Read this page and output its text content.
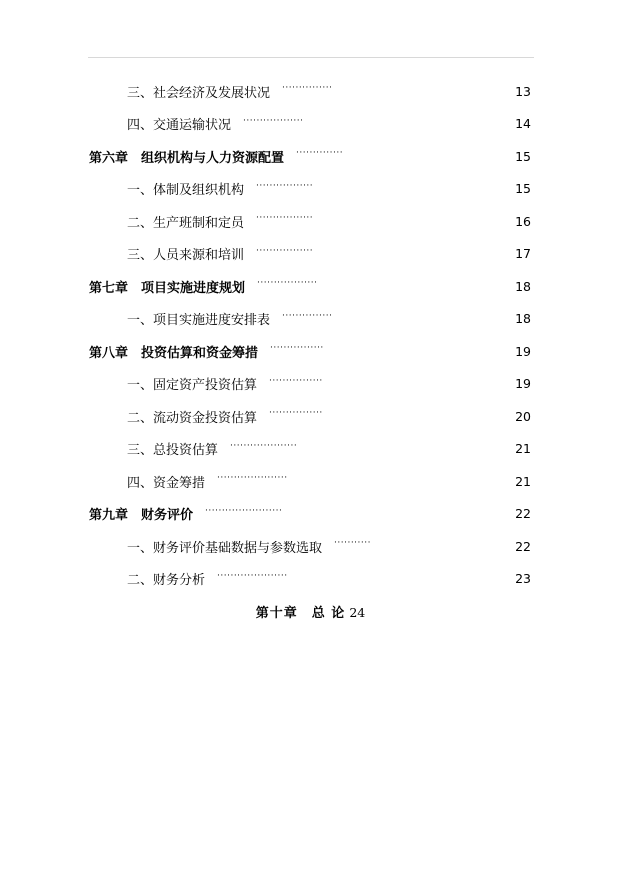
三、社会经济及发展状况 ···············	13
四、交通运输状况 ··················	14
第六章　组织机构与人力资源配置 ··············	15
一、体制及组织机构 ·················	15
二、生产班制和定员 ·················	16
三、人员来源和培训 ·················	17
第七章　项目实施进度规划 ··················	18
一、项目实施进度安排表 ···············	18
第八章　投资估算和资金筹措 ················	19
一、固定资产投资估算 ················	19
二、流动资金投资估算 ················	20
三、总投资估算 ····················	21
四、资金筹措 ·····················	21
第九章　财务评价 ·······················	22
一、财务评价基础数据与参数选取 ···········	22
二、财务分析 ·····················	23
第十章　总 论 24
